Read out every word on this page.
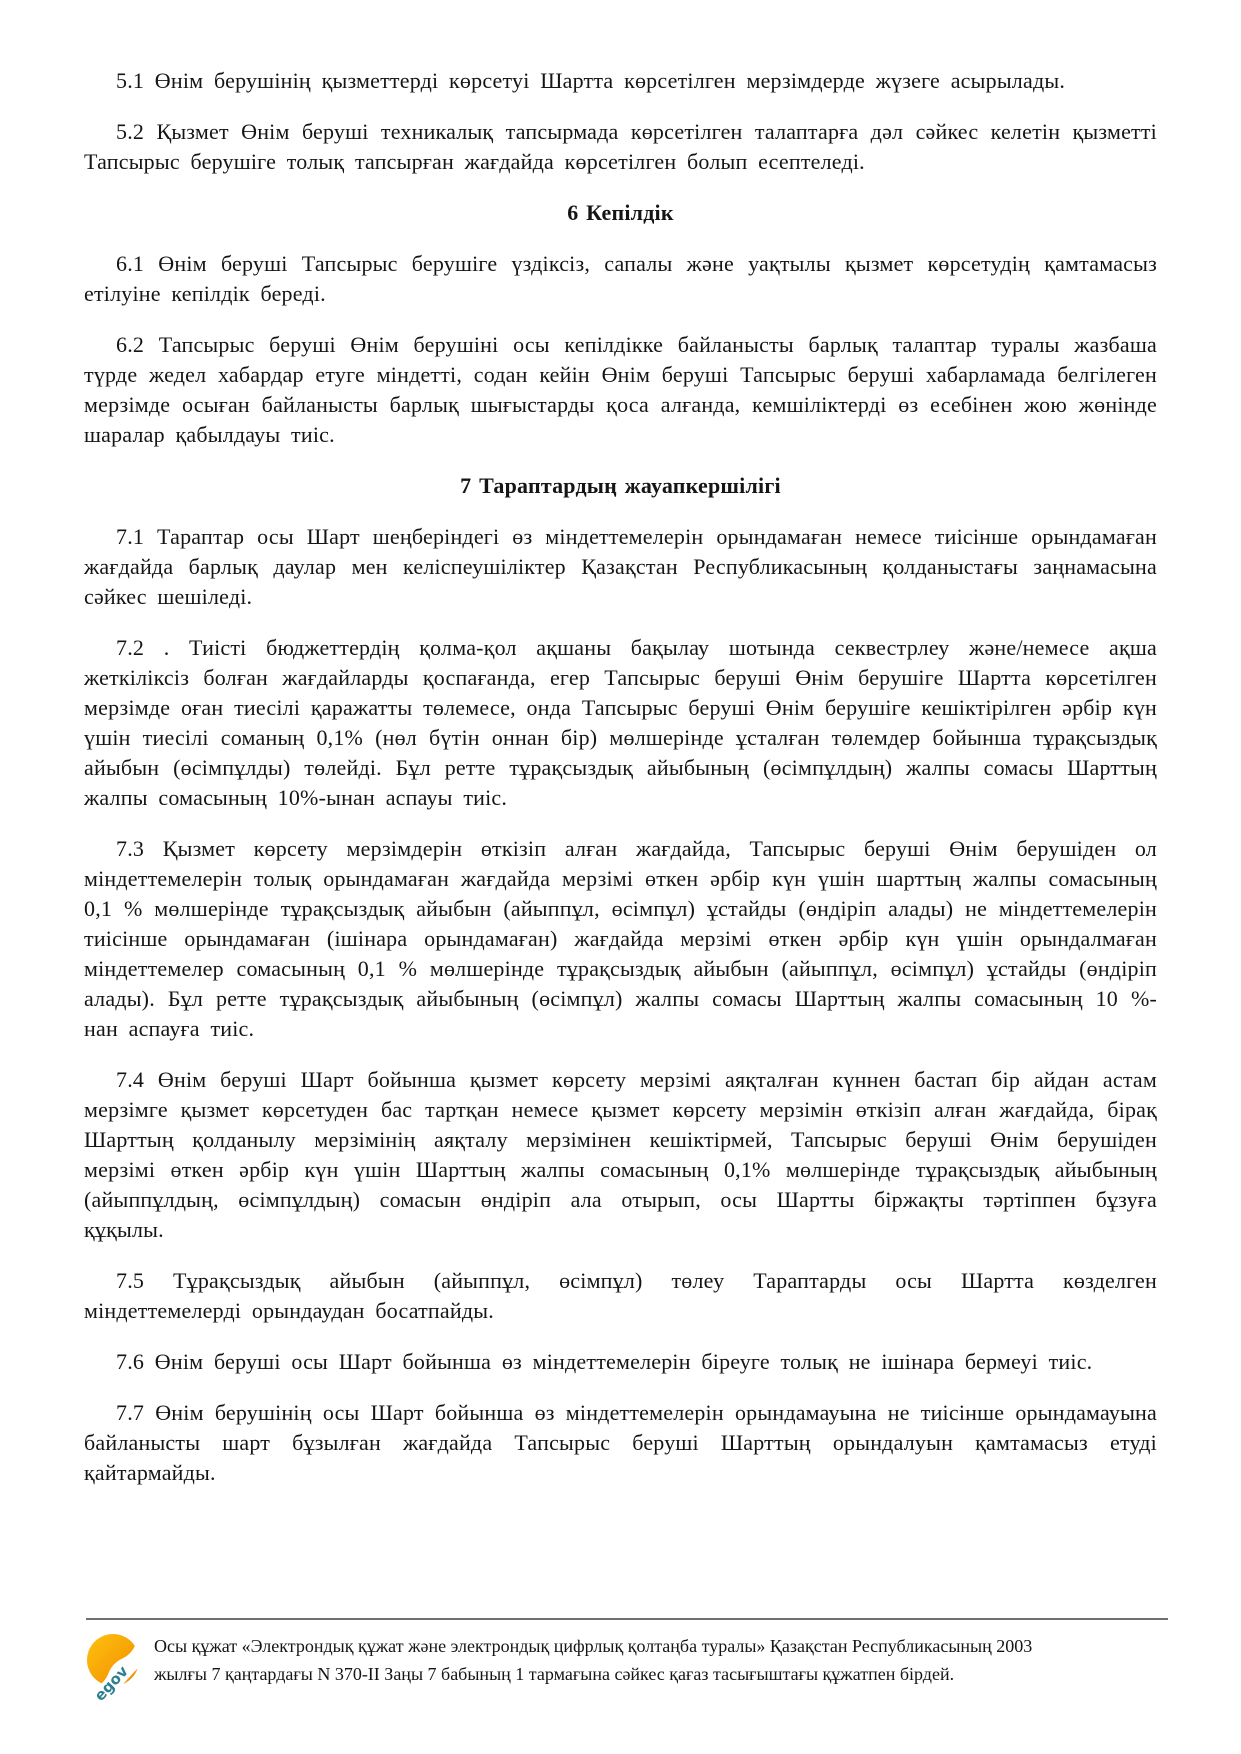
5.1 Өнім берушінің қызметтерді көрсетуі Шартта көрсетілген мерзімдерде жүзеге асырылады.

5.2 Қызмет Өнім беруші техникалық тапсырмада көрсетілген талаптарға дәл сәйкес келетін қызметті Тапсырыс берушіге толық тапсырған жағдайда көрсетілген болып есептеледі.

6 Кепілдік

6.1 Өнім беруші Тапсырыс берушіге үздіксіз, сапалы және уақтылы қызмет көрсетудің қамтамасыз етілуіне кепілдік береді.

6.2 Тапсырыс беруші Өнім берушіні осы кепілдікке байланысты барлық талаптар туралы жазбаша түрде жедел хабардар етуге міндетті, содан кейін Өнім беруші Тапсырыс беруші хабарламада белгілеген мерзімде осыған байланысты барлық шығыстарды қоса алғанда, кемшіліктерді өз есебінен жою жөнінде шаралар қабылдауы тиіс.

7 Тараптардың жауапкершілігі

7.1 Тараптар осы Шарт шеңберіндегі өз міндеттемелерін орындамаған немесе тиісінше орындамаған жағдайда барлық даулар мен келіспеушіліктер Қазақстан Республикасының қолданыстағы заңнамасына сәйкес шешіледі.

7.2 . Тиісті бюджеттердің қолма-қол ақшаны бақылау шотында секвестрлеу және/немесе ақша жеткіліксіз болған жағдайларды қоспағанда, егер Тапсырыс беруші Өнім берушіге Шартта көрсетілген мерзімде оған тиесілі қаражатты төлемесе, онда Тапсырыс беруші Өнім берушіге кешіктірілген әрбір күн үшін тиесілі соманың 0,1% (нөл бүтін оннан бір) мөлшерінде ұсталған төлемдер бойынша тұрақсыздық айыбын (өсімпұлды) төлейді. Бұл ретте тұрақсыздық айыбының (өсімпұлдың) жалпы сомасы Шарттың жалпы сомасының 10%-ынан аспауы тиіс.

7.3 Қызмет көрсету мерзімдерін өткізіп алған жағдайда, Тапсырыс беруші Өнім берушіден ол міндеттемелерін толық орындамаған жағдайда мерзімі өткен әрбір күн үшін шарттың жалпы сомасының 0,1 % мөлшерінде тұрақсыздық айыбын (айыппұл, өсімпұл) ұстайды (өндіріп алады) не міндеттемелерін тиісінше орындамаған (ішінара орындамаған) жағдайда мерзімі өткен әрбір күн үшін орындалмаған міндеттемелер сомасының 0,1 % мөлшерінде тұрақсыздық айыбын (айыппұл, өсімпұл) ұстайды (өндіріп алады). Бұл ретте тұрақсыздық айыбының (өсімпұл) жалпы сомасы Шарттың жалпы сомасының 10 %-нан аспауға тиіс.

7.4 Өнім беруші Шарт бойынша қызмет көрсету мерзімі аяқталған күннен бастап бір айдан астам мерзімге қызмет көрсетуден бас тартқан немесе қызмет көрсету мерзімін өткізіп алған жағдайда, бірақ Шарттың қолданылу мерзімінің аяқталу мерзімінен кешіктірмей, Тапсырыс беруші Өнім берушіден мерзімі өткен әрбір күн үшін Шарттың жалпы сомасының 0,1% мөлшерінде тұрақсыздық айыбының (айыппұлдың, өсімпұлдың) сомасын өндіріп ала отырып, осы Шартты біржақты тәртіппен бұзуға құқылы.

7.5 Тұрақсыздық айыбын (айыппұл, өсімпұл) төлеу Тараптарды осы Шартта көзделген міндеттемелерді орындаудан босатпайды.

7.6 Өнім беруші осы Шарт бойынша өз міндеттемелерін біреуге толық не ішінара бермеуі тиіс.

7.7 Өнім берушінің осы Шарт бойынша өз міндеттемелерін орындамауына не тиісінше орындамауына байланысты шарт бұзылған жағдайда Тапсырыс беруші Шарттың орындалуын қамтамасыз етуді қайтармайды.

egov

Осы құжат «Электрондық құжат және электрондық цифрлық қолтаңба туралы» Қазақстан Республикасының 2003 жылғы 7 қаңтардағы N 370-II Заңы 7 бабының 1 тармағына сәйкес қағаз тасығыштағы құжатпен бірдей.
